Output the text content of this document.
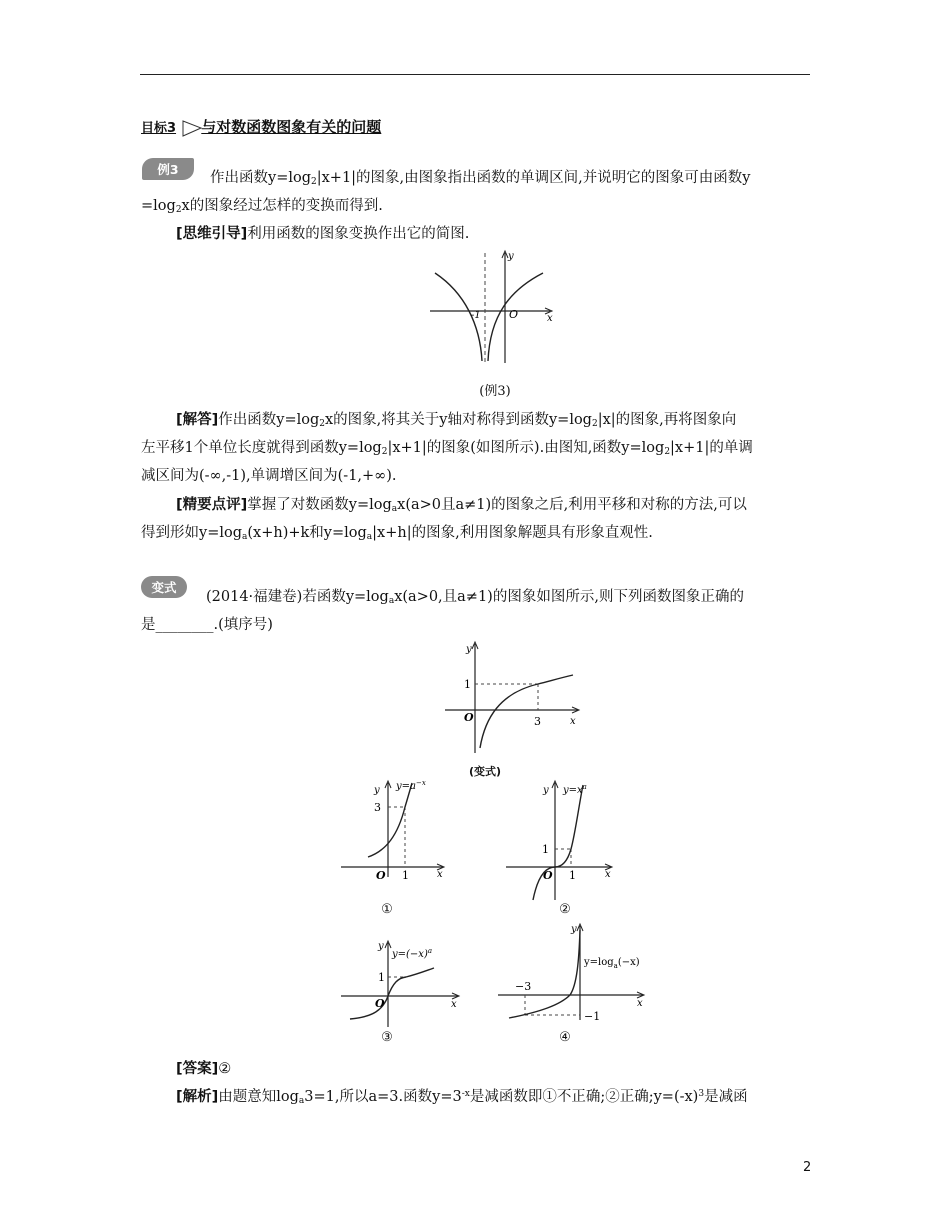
目标3 与对数函数图象有关的问题
例3
作出函数$y=\log_2|x+1|$的图象,由图象指出函数的单调区间,并说明它的图象可由函数y
$=\log_2x$的图象经过怎样的变换而得到.
[思维引导]利用函数的图象变换作出它的简图.
-1	O	x
y
(例3)
[解答]作出函数$y=\log_2x$的图象,将其关于y轴对称得到函数$y=\log_2|x|$的图象,再将图象向
左平移1个单位长度就得到函数$y=\log_2|x+1|$的图象(如图所示).由图知,函数$y=\log_2|x+1|$的单调
减区间为(-∞,-1),单调增区间为(-1,+∞).
[精要点评]掌握了对数函数$y=\log_ax(a>0$且a≠1)的图象之后,利用平移和对称的方法,可以
得到形如$y=\log_a(x+h)+k$和$y=\log_a|x+h|$的图象,利用图象解题具有形象直观性.
变式
(2014·福建卷)若函数$y=\log_ax(a>0$,且a≠1)的图象如图所示,则下列函数图象正确的
是________.(填序号)
1
O	3	x
y
(变式)
3
O 1	x
y $y=a^{-x}$
①
1
O 1	x
y $y=x^a$
②
1
O	x
y
$y=(-x)^a$
③
−3
−1
x
y
$y=\log_a(-x)$
④
[答案]②
[解析]由题意知$\log_a3=1$,所以a=3.函数$y=3^{-x}$是减函数即①不正确;②正确$;y=(-x)^3$是减函
2
